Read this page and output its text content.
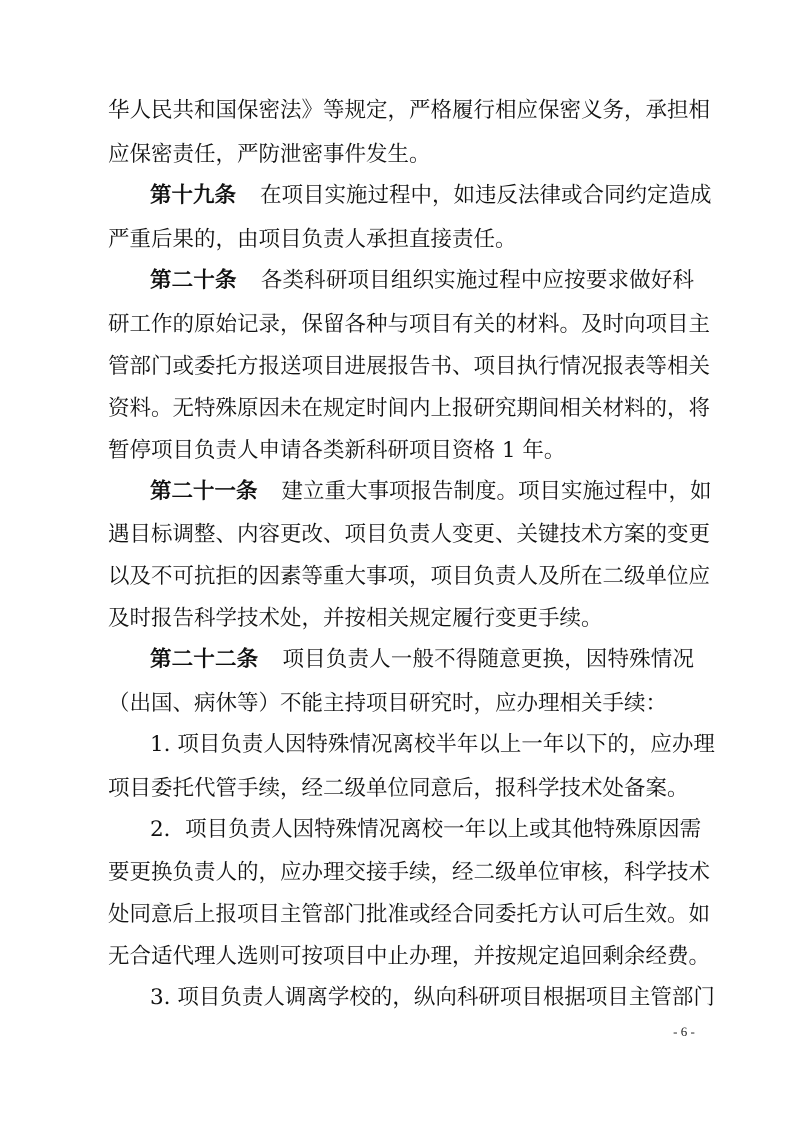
华人民共和国保密法》等规定，严格履行相应保密义务，承担相
应保密责任，严防泄密事件发生。
第十九条 在项目实施过程中，如违反法律或合同约定造成
严重后果的，由项目负责人承担直接责任。
第二十条 各类科研项目组织实施过程中应按要求做好科
研工作的原始记录，保留各种与项目有关的材料。及时向项目主
管部门或委托方报送项目进展报告书、项目执行情况报表等相关
资料。无特殊原因未在规定时间内上报研究期间相关材料的，将
暂停项目负责人申请各类新科研项目资格 1 年。
第二十一条 建立重大事项报告制度。项目实施过程中，如
遇目标调整、内容更改、项目负责人变更、关键技术方案的变更
以及不可抗拒的因素等重大事项，项目负责人及所在二级单位应
及时报告科学技术处，并按相关规定履行变更手续。
第二十二条 项目负责人一般不得随意更换，因特殊情况
（出国、病休等）不能主持项目研究时，应办理相关手续：
1. 项目负责人因特殊情况离校半年以上一年以下的，应办理
项目委托代管手续，经二级单位同意后，报科学技术处备案。
2．项目负责人因特殊情况离校一年以上或其他特殊原因需
要更换负责人的，应办理交接手续，经二级单位审核，科学技术
处同意后上报项目主管部门批准或经合同委托方认可后生效。如
无合适代理人选则可按项目中止办理，并按规定追回剩余经费。
3. 项目负责人调离学校的，纵向科研项目根据项目主管部门
- 6 -
